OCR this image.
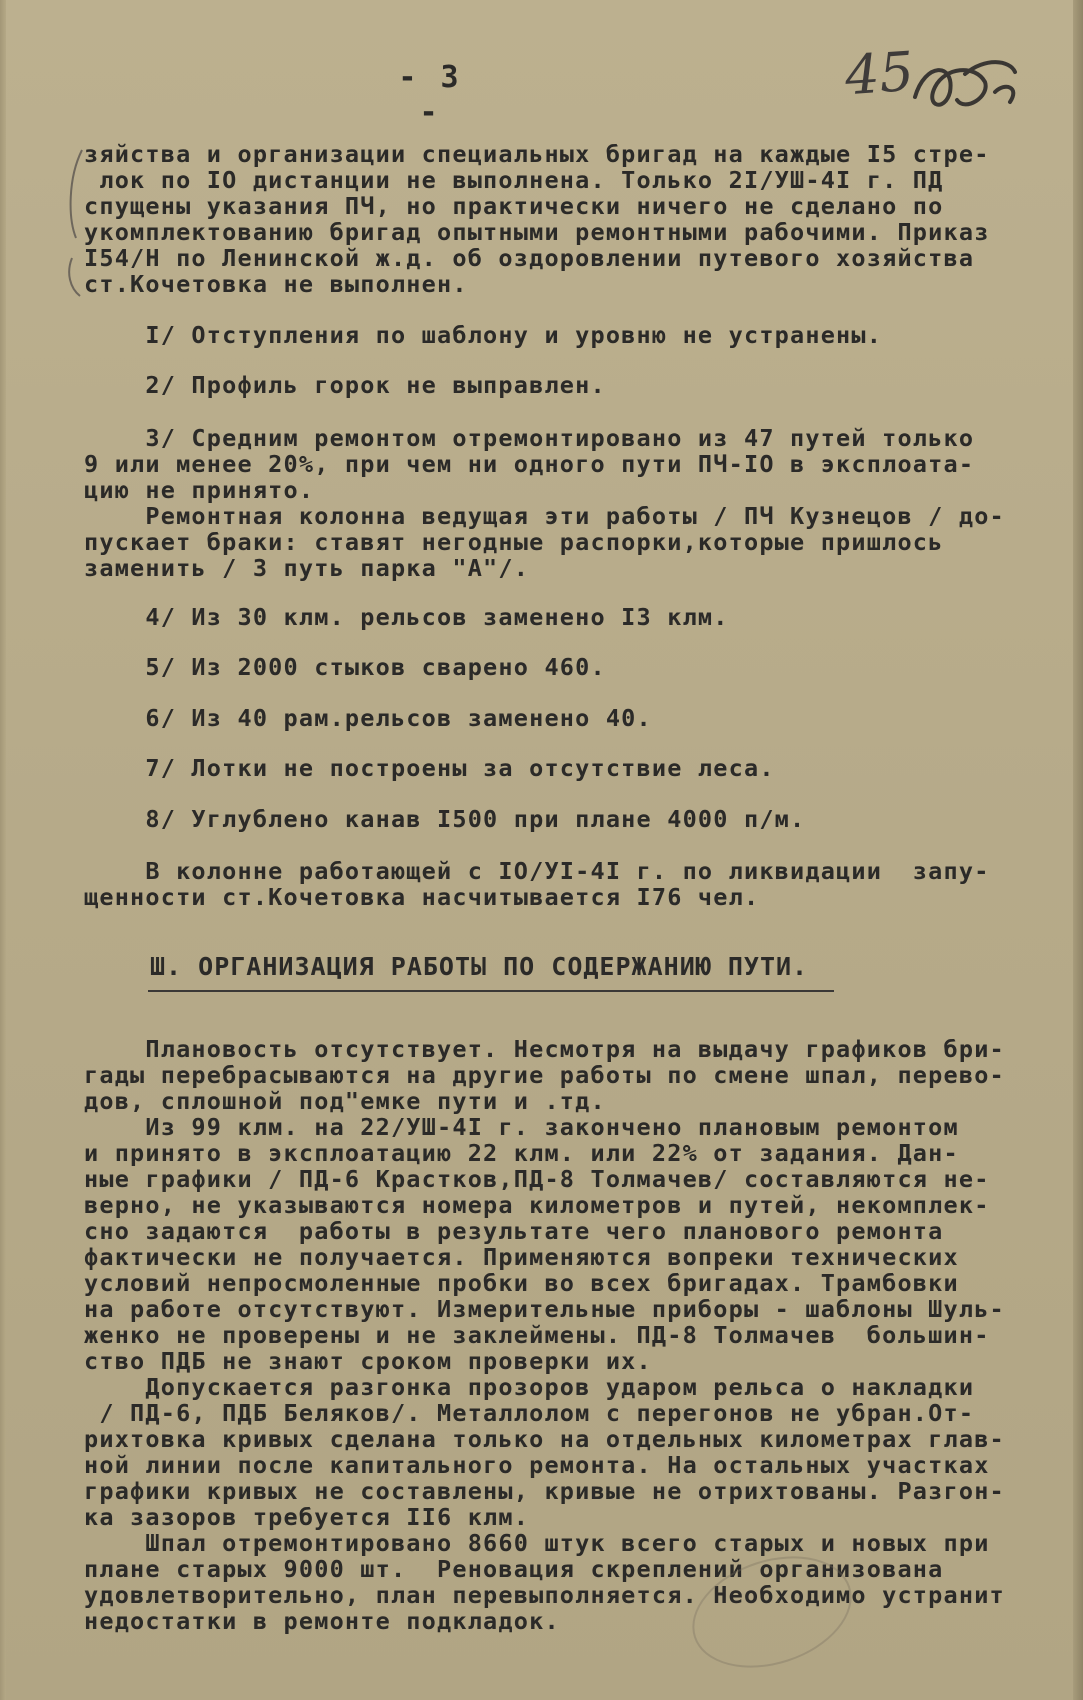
- 3 -
45
зяйства и организации специальных бригад на каждые I5 стре-
лок по IO дистанции не выполнена. Только 2I/УШ-4I г. ПД
спущены указания ПЧ, но практически ничего не сделано по
укомплектованию бригад опытными ремонтными рабочими. Приказ
I54/Н по Ленинской ж.д. об оздоровлении путевого хозяйства
ст.Кочетовка не выполнен.
I/ Отступления по шаблону и уровню не устранены.
2/ Профиль горок не выправлен.
3/ Средним ремонтом отремонтировано из 47 путей только
9 или менее 20%, при чем ни одного пути ПЧ-IO в эксплоата-
цию не принято.
Ремонтная колонна ведущая эти работы / ПЧ Кузнецов / до-
пускает браки: ставят негодные распорки,которые пришлось
заменить / 3 путь парка "А"/.
4/ Из 30 клм. рельсов заменено I3 клм.
5/ Из 2000 стыков сварено 460.
6/ Из 40 рам.рельсов заменено 40.
7/ Лотки не построены за отсутствие леса.
8/ Углублено канав I500 при плане 4000 п/м.
В колонне работающей с IO/УI-4I г. по ликвидации  запу-
щенности ст.Кочетовка насчитывается I76 чел.
Ш. ОРГАНИЗАЦИЯ РАБОТЫ ПО СОДЕРЖАНИЮ ПУТИ.
Плановость отсутствует. Несмотря на выдачу графиков бри-
гады перебрасываются на другие работы по смене шпал, перево-
дов, сплошной под"емке пути и .тд.
Из 99 клм. на 22/УШ-4I г. закончено плановым ремонтом
и принято в эксплоатацию 22 клм. или 22% от задания. Дан-
ные графики / ПД-6 Крастков,ПД-8 Толмачев/ составляются не-
верно, не указываются номера километров и путей, некомплек-
сно задаются  работы в результате чего планового ремонта
фактически не получается. Применяются вопреки технических
условий непросмоленные пробки во всех бригадах. Трамбовки
на работе отсутствуют. Измерительные приборы - шаблоны Шуль-
женко не проверены и не заклеймены. ПД-8 Толмачев  большин-
ство ПДБ не знают сроком проверки их.
Допускается разгонка прозоров ударом рельса о накладки
/ ПД-6, ПДБ Беляков/. Металлолом с перегонов не убран.От-
рихтовка кривых сделана только на отдельных километрах глав-
ной линии после капитального ремонта. На остальных участках
графики кривых не составлены, кривые не отрихтованы. Разгон-
ка зазоров требуется II6 клм.
Шпал отремонтировано 8660 штук всего старых и новых при
плане старых 9000 шт.  Реновация скреплений организована
удовлетворительно, план перевыполняется. Необходимо устранит
недостатки в ремонте подкладок.
